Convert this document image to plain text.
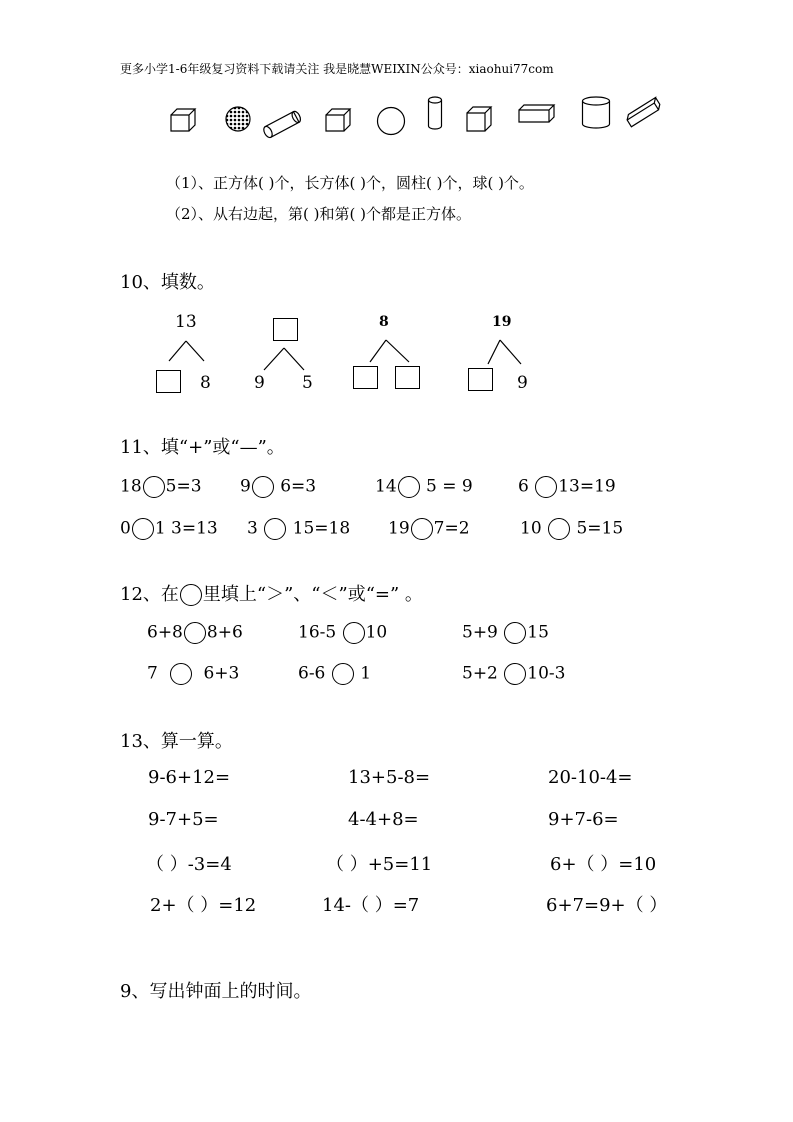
更多小学1-6年级复习资料下载请关注 我是晓慧WEIXIN公众号：xiaohui77com
（1）、正方体( )个，长方体( )个，圆柱( )个，球( )个。
（2）、从右边起，第( )和第( )个都是正方体。
10、填数。
13
8	9 5
8	19
9
11、填“+”或“—”。
18 5=3 9 6=3	14 5 = 9	6 13=19
0 1 3=13 3 15=18 19 7=2	10 5=15
12、在 里填上“＞”、“＜”或“=” 。
6+8 8+6	16-5 10	5+9 15
7	6+3	6-6 1	5+2 10-3
13、算一算。
9-6+12=	13+5-8=	20-10-4=
9-7+5=	4-4+8=	9+7-6=
（ ）-3=4	（ ）+5=11	6+（ ）=10
2+（ ）=12	14-（ ）=7	6+7=9+（ ）
9、写出钟面上的时间。
